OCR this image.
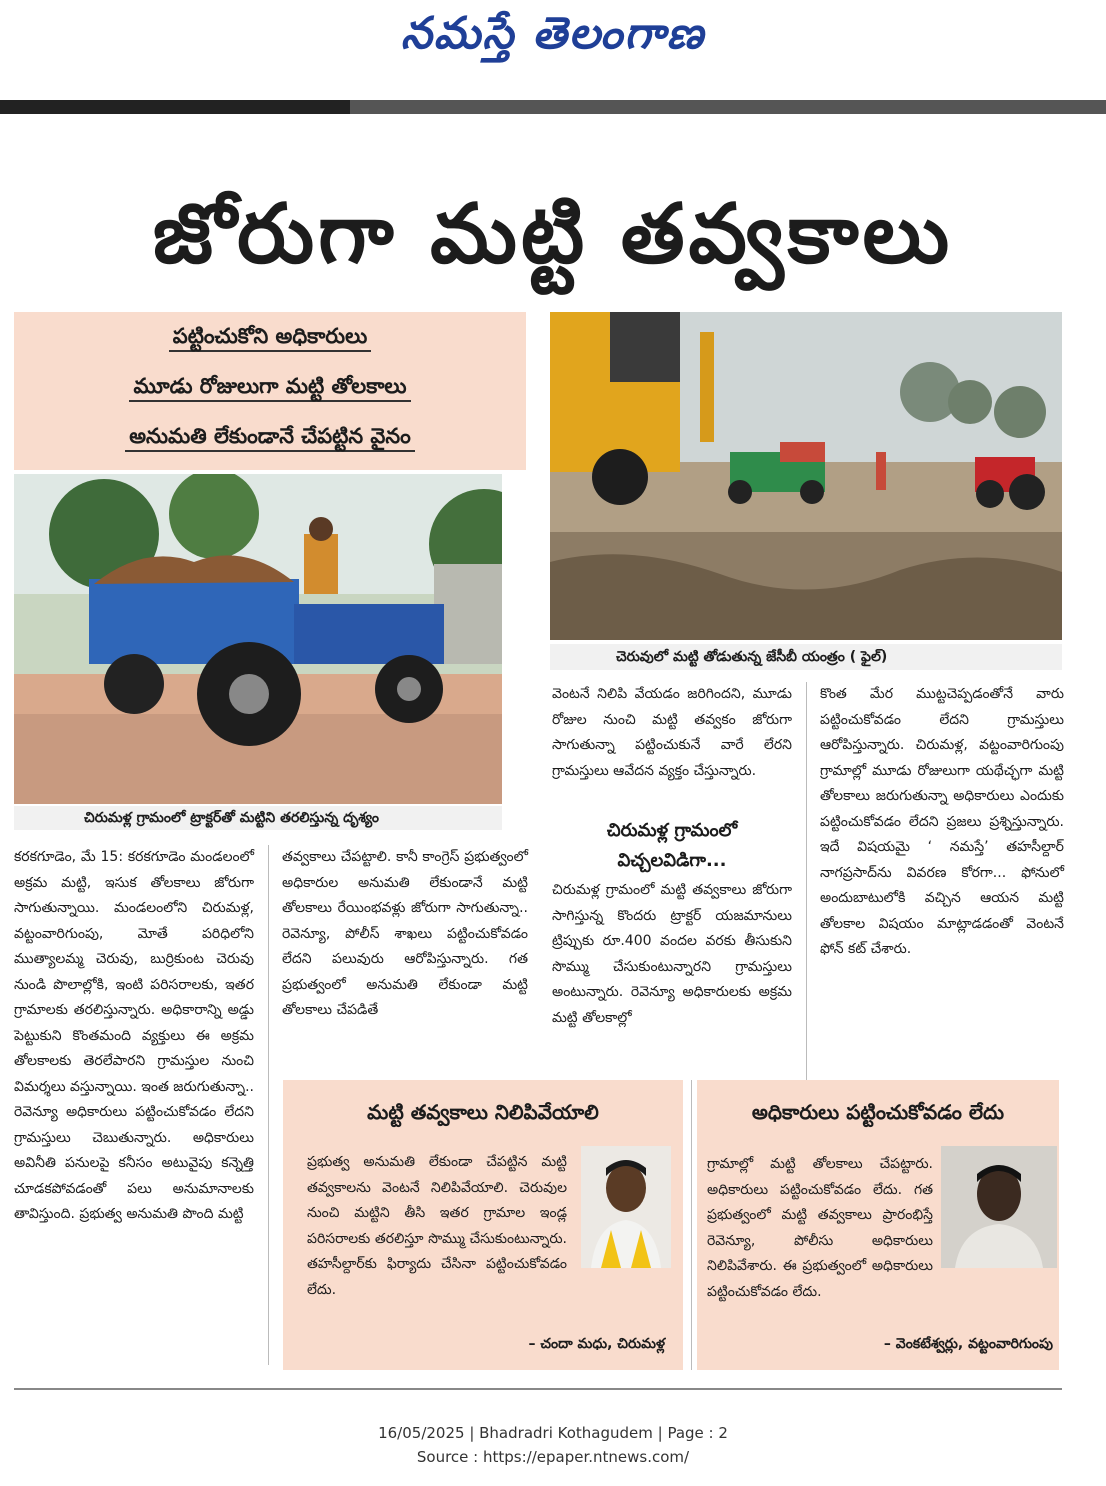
నమస్తే తెలంగాణ
జోరుగా మట్టి తవ్వకాలు
పట్టించుకోని అధికారులు
మూడు రోజులుగా మట్టి తోలకాలు
అనుమతి లేకుండానే చేపట్టిన వైనం
చిరుమళ్ల గ్రామంలో ట్రాక్టర్‌తో మట్టిని తరలిస్తున్న దృశ్యం
చెరువులో మట్టి తోడుతున్న జేసీబీ యంత్రం ( ఫైల్)
కరకగూడెం, మే 15: కరకగూడెం మండలంలో అక్రమ మట్టి, ఇసుక తోలకాలు జోరుగా సాగుతున్నాయి. మండలంలోని చిరుమళ్ల, వట్టంవారిగుంపు, మోతే పరిధిలోని ముత్యాలమ్మ చెరువు, బుర్రికుంట చెరువు నుండి పొలాల్లోకి, ఇంటి పరిసరాలకు, ఇతర గ్రామాలకు తరలిస్తున్నారు. అధికారాన్ని అడ్డు పెట్టుకుని కొంతమంది వ్యక్తులు ఈ అక్రమ తోలకాలకు తెరలేపారని గ్రామస్తుల నుంచి విమర్శలు వస్తున్నాయి. ఇంత జరుగుతున్నా.. రెవెన్యూ అధికారులు పట్టించుకోవడం లేదని గ్రామస్తులు చెబుతున్నారు. అధికారులు అవినీతి పనులపై కనీసం అటువైపు కన్నెత్తి చూడకపోవడంతో పలు అనుమానాలకు తావిస్తుంది. ప్రభుత్వ అనుమతి పొంది మట్టి
తవ్వకాలు చేపట్టాలి. కానీ కాంగ్రెస్ ప్రభుత్వంలో అధికారుల అనుమతి లేకుండానే మట్టి తోలకాలు రేయింభవళ్లు జోరుగా సాగుతున్నా.. రెవెన్యూ, పోలీస్ శాఖలు పట్టించుకోవడం లేదని పలువురు ఆరోపిస్తున్నారు. గత ప్రభుత్వంలో అనుమతి లేకుండా మట్టి తోలకాలు చేపడితే
వెంటనే నిలిపి వేయడం జరిగిందని, మూడు రోజుల నుంచి మట్టి తవ్వకం జోరుగా సాగుతున్నా పట్టించుకునే వారే లేరని గ్రామస్తులు ఆవేదన వ్యక్తం చేస్తున్నారు.
చిరుమళ్ల గ్రామంలో విచ్చలవిడిగా...
చిరుమళ్ల గ్రామంలో మట్టి తవ్వకాలు జోరుగా సాగిస్తున్న కొందరు ట్రాక్టర్ యజమానులు ట్రిప్పుకు రూ.400 వందల వరకు తీసుకుని సొమ్ము చేసుకుంటున్నారని గ్రామస్తులు అంటున్నారు. రెవెన్యూ అధికారులకు అక్రమ మట్టి తోలకాల్లో
కొంత మేర ముట్టచెప్పడంతోనే వారు పట్టించుకోవడం లేదని గ్రామస్తులు ఆరోపిస్తున్నారు. చిరుమళ్ల, వట్టంవారిగుంపు గ్రామాల్లో మూడు రోజులుగా యథేచ్ఛగా మట్టి తోలకాలు జరుగుతున్నా అధికారులు ఎందుకు పట్టించుకోవడం లేదని ప్రజలు ప్రశ్నిస్తున్నారు. ఇదే విషయమై ‘ నమస్తే’ తహసీల్దార్ నాగప్రసాద్‌ను వివరణ కోరగా... ఫోనులో అందుబాటులోకి వచ్చిన ఆయన మట్టి తోలకాల విషయం మాట్లాడడంతో వెంటనే ఫోన్ కట్ చేశారు.
మట్టి తవ్వకాలు నిలిపివేయాలి
ప్రభుత్వ అనుమతి లేకుండా చేపట్టిన మట్టి తవ్వకాలను వెంటనే నిలిపివేయాలి. చెరువుల నుంచి మట్టిని తీసి ఇతర గ్రామాల ఇండ్ల పరిసరాలకు తరలిస్తూ సొమ్ము చేసుకుంటున్నారు. తహసీల్దార్‌కు ఫిర్యాదు చేసినా పట్టించుకోవడం లేదు.
– చందా మధు, చిరుమళ్ల
అధికారులు పట్టించుకోవడం లేదు
గ్రామాల్లో మట్టి తోలకాలు చేపట్టారు. అధికారులు పట్టించుకోవడం లేదు. గత ప్రభుత్వంలో మట్టి తవ్వకాలు ప్రారంభిస్తే రెవెన్యూ, పోలీసు అధికారులు నిలిపివేశారు. ఈ ప్రభుత్వంలో అధికారులు పట్టించుకోవడం లేదు.
– వెంకటేశ్వర్లు, వట్టంవారిగుంపు
16/05/2025 | Bhadradri Kothagudem | Page : 2
Source : https://epaper.ntnews.com/
